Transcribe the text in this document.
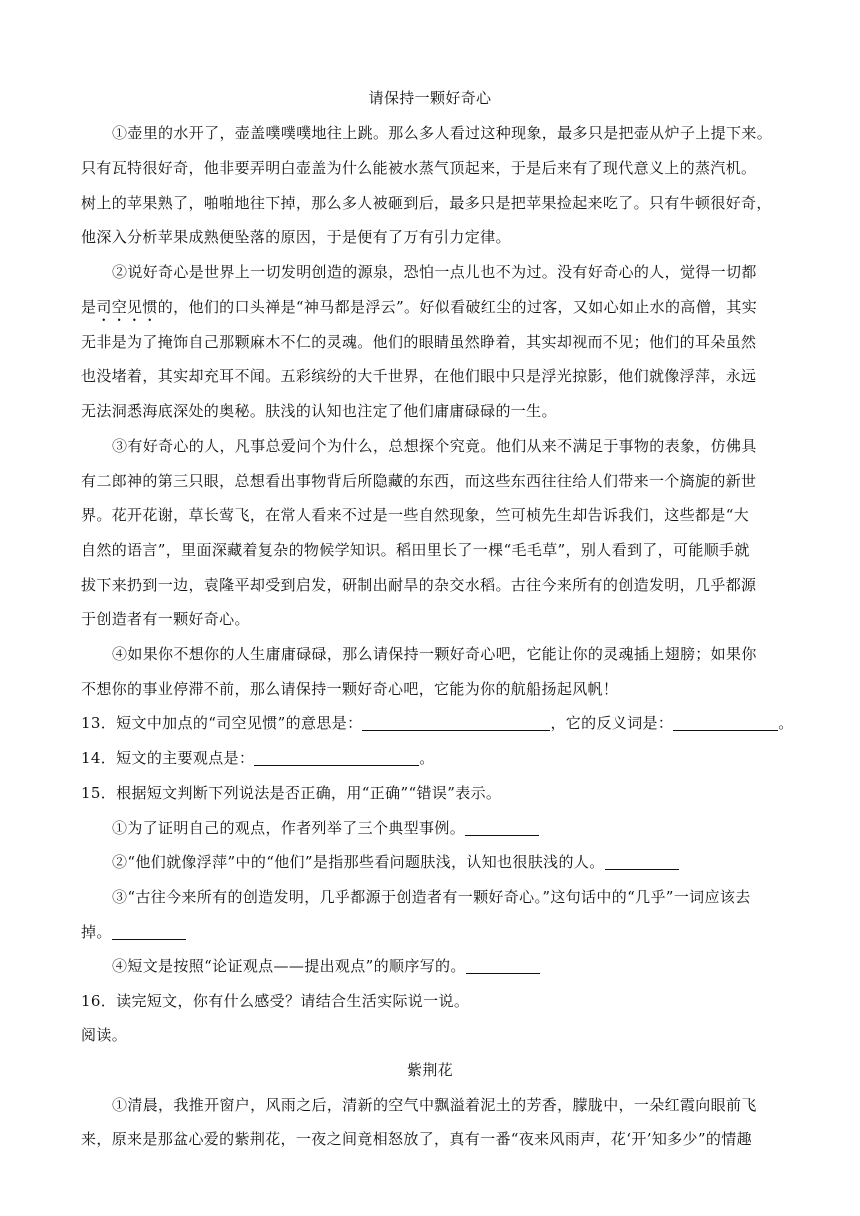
请保持一颗好奇心
①壶里的水开了，壶盖噗噗噗地往上跳。那么多人看过这种现象，最多只是把壶从炉子上提下来。
只有瓦特很好奇，他非要弄明白壶盖为什么能被水蒸气顶起来，于是后来有了现代意义上的蒸汽机。
树上的苹果熟了，啪啪地往下掉，那么多人被砸到后，最多只是把苹果捡起来吃了。只有牛顿很好奇，
他深入分析苹果成熟便坠落的原因，于是便有了万有引力定律。
②说好奇心是世界上一切发明创造的源泉，恐怕一点儿也不为过。没有好奇心的人，觉得一切都
是司空见惯的，他们的口头禅是“神马都是浮云”。好似看破红尘的过客，又如心如止水的高僧，其实
无非是为了掩饰自己那颗麻木不仁的灵魂。他们的眼睛虽然睁着，其实却视而不见；他们的耳朵虽然
也没堵着，其实却充耳不闻。五彩缤纷的大千世界，在他们眼中只是浮光掠影，他们就像浮萍，永远
无法洞悉海底深处的奥秘。肤浅的认知也注定了他们庸庸碌碌的一生。
③有好奇心的人，凡事总爱问个为什么，总想探个究竟。他们从来不满足于事物的表象，仿佛具
有二郎神的第三只眼，总想看出事物背后所隐藏的东西，而这些东西往往给人们带来一个旖旎的新世
界。花开花谢，草长莺飞，在常人看来不过是一些自然现象，竺可桢先生却告诉我们，这些都是“大
自然的语言”，里面深藏着复杂的物候学知识。稻田里长了一棵“毛毛草”，别人看到了，可能顺手就
拔下来扔到一边，袁隆平却受到启发，研制出耐旱的杂交水稻。古往今来所有的创造发明，几乎都源
于创造者有一颗好奇心。
④如果你不想你的人生庸庸碌碌，那么请保持一颗好奇心吧，它能让你的灵魂插上翅膀；如果你
不想你的事业停滞不前，那么请保持一颗好奇心吧，它能为你的航船扬起风帆！
13．短文中加点的“司空见惯”的意思是：	，它的反义词是：	。
14．短文的主要观点是：	。
15．根据短文判断下列说法是否正确，用“正确”“错误”表示。
①为了证明自己的观点，作者列举了三个典型事例。
②“他们就像浮萍”中的“他们”是指那些看问题肤浅，认知也很肤浅的人。
③“古往今来所有的创造发明，几乎都源于创造者有一颗好奇心。”这句话中的“几乎”一词应该去
掉。
④短文是按照“论证观点——提出观点”的顺序写的。
16．读完短文，你有什么感受？请结合生活实际说一说。
阅读。
紫荆花
①清晨，我推开窗户，风雨之后，清新的空气中飘溢着泥土的芳香，朦胧中，一朵红霞向眼前飞
来，原来是那盆心爱的紫荆花，一夜之间竟相怒放了，真有一番“夜来风雨声，花‘开’知多少”的情趣
